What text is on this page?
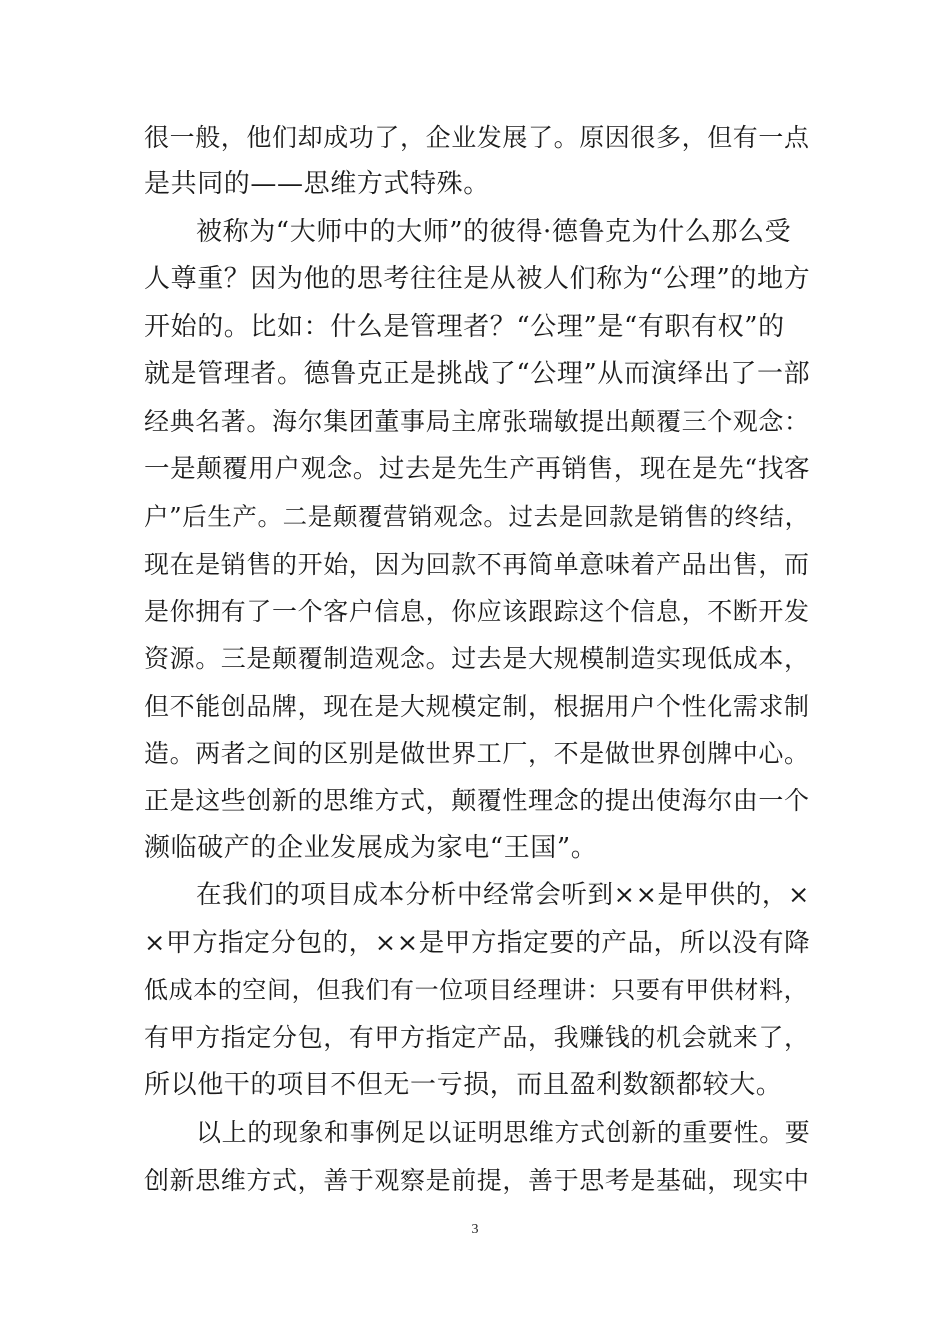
很一般，他们却成功了，企业发展了。原因很多，但有一点
是共同的——思维方式特殊。
被称为“大师中的大师”的彼得·德鲁克为什么那么受
人尊重？因为他的思考往往是从被人们称为“公理”的地方
开始的。比如：什么是管理者？“公理”是“有职有权”的
就是管理者。德鲁克正是挑战了“公理”从而演绎出了一部
经典名著。海尔集团董事局主席张瑞敏提出颠覆三个观念：
一是颠覆用户观念。过去是先生产再销售，现在是先“找客
户”后生产。二是颠覆营销观念。过去是回款是销售的终结，
现在是销售的开始，因为回款不再简单意味着产品出售，而
是你拥有了一个客户信息，你应该跟踪这个信息，不断开发
资源。三是颠覆制造观念。过去是大规模制造实现低成本，
但不能创品牌，现在是大规模定制，根据用户个性化需求制
造。两者之间的区别是做世界工厂，不是做世界创牌中心。
正是这些创新的思维方式，颠覆性理念的提出使海尔由一个
濒临破产的企业发展成为家电“王国”。
在我们的项目成本分析中经常会听到××是甲供的，×
×甲方指定分包的，××是甲方指定要的产品，所以没有降
低成本的空间，但我们有一位项目经理讲：只要有甲供材料，
有甲方指定分包，有甲方指定产品，我赚钱的机会就来了，
所以他干的项目不但无一亏损，而且盈利数额都较大。
以上的现象和事例足以证明思维方式创新的重要性。要
创新思维方式，善于观察是前提，善于思考是基础，现实中
3
